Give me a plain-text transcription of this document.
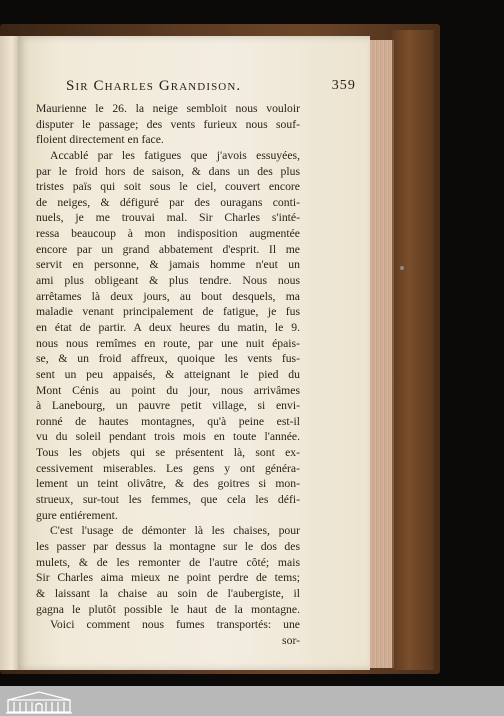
Sir Charles Grandison.	359
Maurienne le 26. la neige sembloit nous vouloir
disputer le passage; des vents furieux nous souf-
floient directement en face.
Accablé par les fatigues que j'avois essuyées,
par le froid hors de saison, & dans un des plus
tristes païs qui soit sous le ciel, couvert encore
de neiges, & défiguré par des ouragans conti-
nuels, je me trouvai mal. Sir Charles s'inté-
ressa beaucoup à mon indisposition augmentée
encore par un grand abbatement d'esprit. Il me
servit en personne, & jamais homme n'eut un
ami plus obligeant & plus tendre. Nous nous
arrêtames là deux jours, au bout desquels, ma
maladie venant principalement de fatigue, je fus
en état de partir. A deux heures du matin, le 9.
nous nous remîmes en route, par une nuit épais-
se, & un froid affreux, quoique les vents fus-
sent un peu appaisés, & atteignant le pied du
Mont Cénis au point du jour, nous arrivâmes
à Lanebourg, un pauvre petit village, si envi-
ronné de hautes montagnes, qu'à peine est-il
vu du soleil pendant trois mois en toute l'année.
Tous les objets qui se présentent là, sont ex-
cessivement miserables. Les gens y ont généra-
lement un teint olivâtre, & des goitres si mon-
strueux, sur-tout les femmes, que cela les défi-
gure entiérement.
C'est l'usage de démonter là les chaises, pour
les passer par dessus la montagne sur le dos des
mulets, & de les remonter de l'autre côté; mais
Sir Charles aima mieux ne point perdre de tems;
& laissant la chaise au soin de l'aubergiste, il
gagna le plutôt possible le haut de la montagne.
Voici comment nous fumes transportés: une
sor-
